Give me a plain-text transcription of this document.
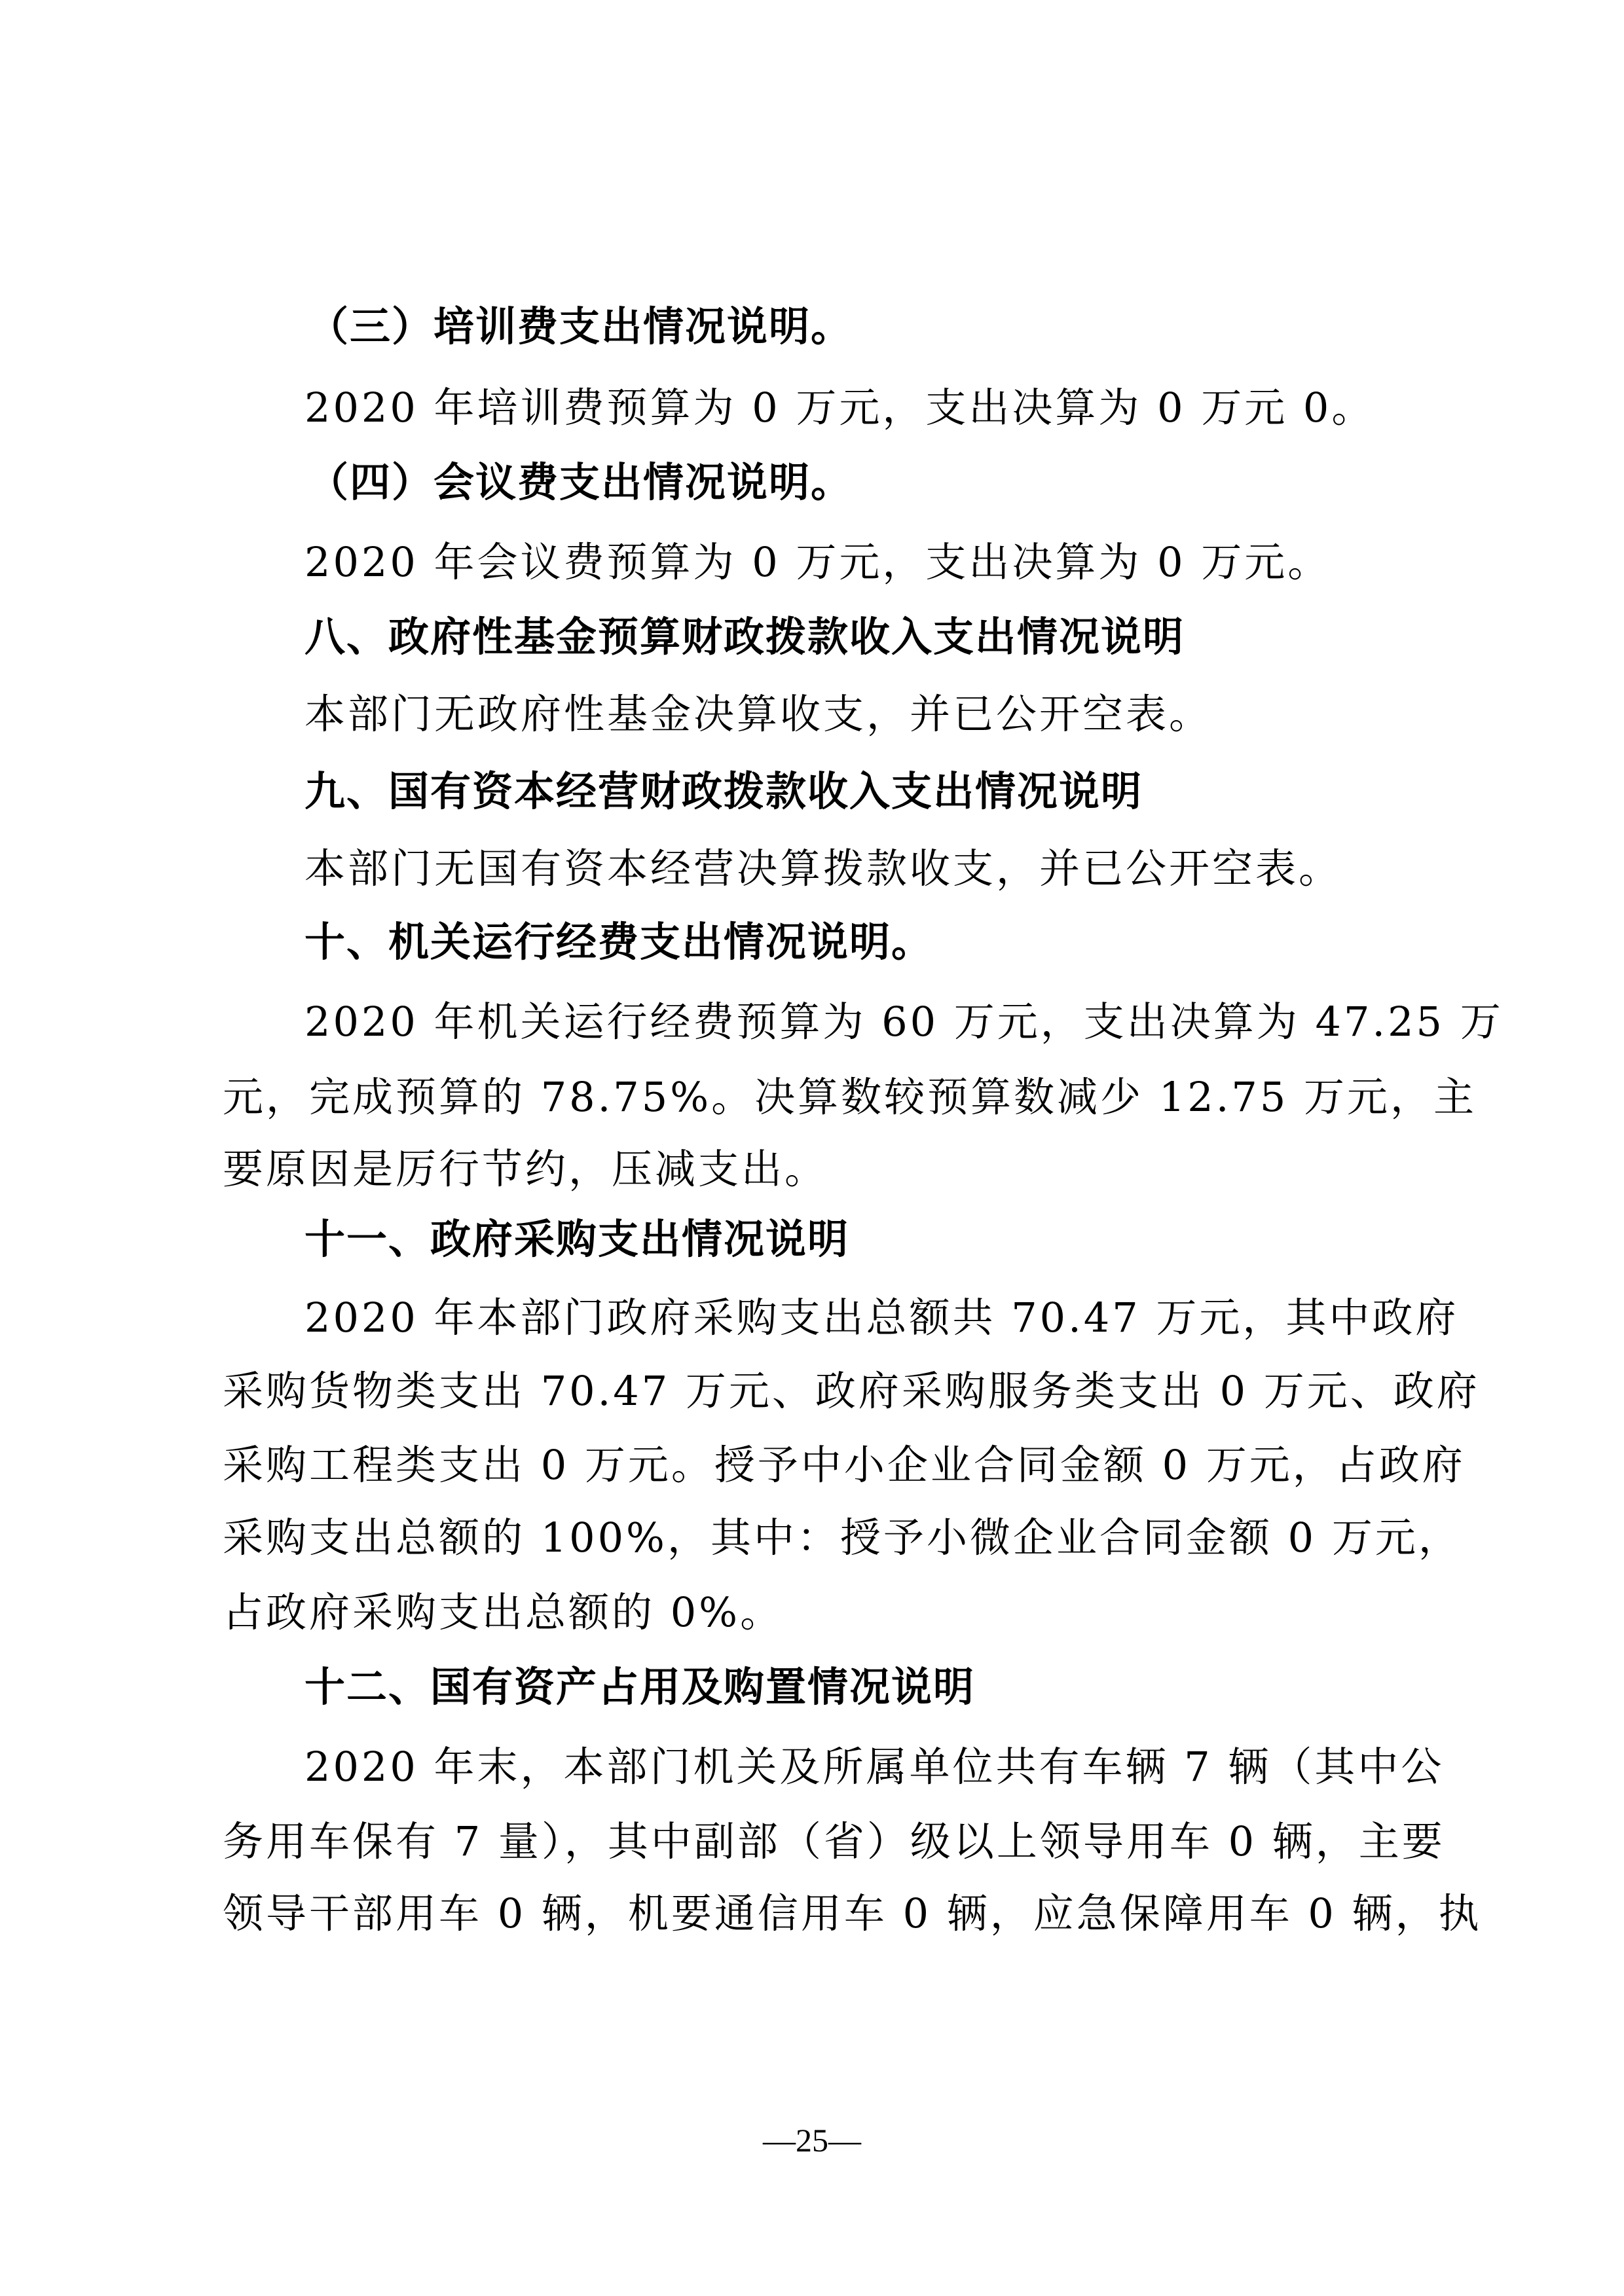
（三）培训费支出情况说明。
2020 年培训费预算为 0 万元，支出决算为 0 万元 0。
（四）会议费支出情况说明。
2020 年会议费预算为 0 万元，支出决算为 0 万元。
八、政府性基金预算财政拨款收入支出情况说明
本部门无政府性基金决算收支，并已公开空表。
九、国有资本经营财政拨款收入支出情况说明
本部门无国有资本经营决算拨款收支，并已公开空表。
十、机关运行经费支出情况说明。
2020 年机关运行经费预算为 60 万元，支出决算为 47.25 万
元，完成预算的 78.75%。决算数较预算数减少 12.75 万元，主
要原因是厉行节约，压减支出。
十一、政府采购支出情况说明
2020 年本部门政府采购支出总额共 70.47 万元，其中政府
采购货物类支出 70.47 万元、政府采购服务类支出 0 万元、政府
采购工程类支出 0 万元。授予中小企业合同金额 0 万元，占政府
采购支出总额的 100%，其中：授予小微企业合同金额 0 万元，
占政府采购支出总额的 0%。
十二、国有资产占用及购置情况说明
2020 年末，本部门机关及所属单位共有车辆 7 辆（其中公
务用车保有 7 量），其中副部（省）级以上领导用车 0 辆，主要
领导干部用车 0 辆，机要通信用车 0 辆，应急保障用车 0 辆，执
—25—
